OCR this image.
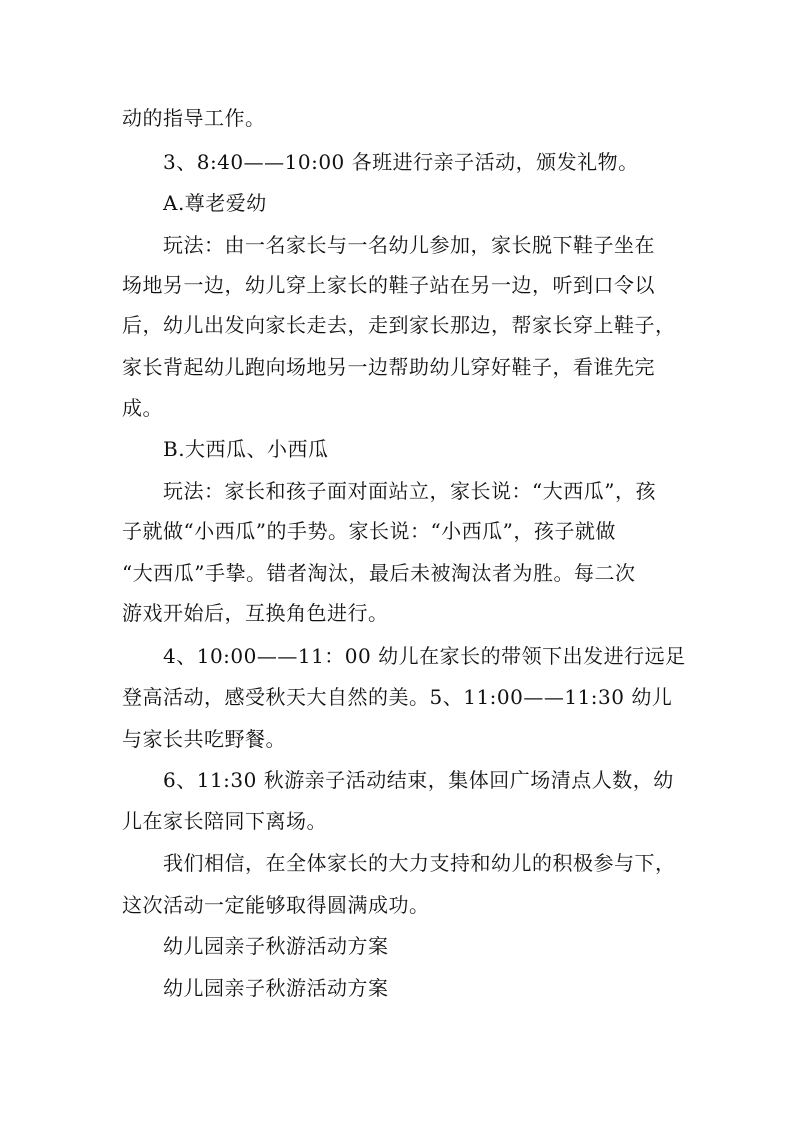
动的指导工作。
3、8:40——10:00 各班进行亲子活动，颁发礼物。
A.尊老爱幼
玩法：由一名家长与一名幼儿参加，家长脱下鞋子坐在
场地另一边，幼儿穿上家长的鞋子站在另一边，听到口令以
后，幼儿出发向家长走去，走到家长那边，帮家长穿上鞋子，
家长背起幼儿跑向场地另一边帮助幼儿穿好鞋子，看谁先完
成。
B.大西瓜、小西瓜
玩法：家长和孩子面对面站立，家长说：“大西瓜”，孩
子就做“小西瓜”的手势。家长说：“小西瓜”，孩子就做
“大西瓜”手挚。错者淘汰，最后未被淘汰者为胜。每二次
游戏开始后，互换角色进行。
4、10:00——11：00 幼儿在家长的带领下出发进行远足
登高活动，感受秋天大自然的美。5、11:00——11:30 幼儿
与家长共吃野餐。
6、11:30 秋游亲子活动结束，集体回广场清点人数，幼
儿在家长陪同下离场。
我们相信，在全体家长的大力支持和幼儿的积极参与下，
这次活动一定能够取得圆满成功。
幼儿园亲子秋游活动方案
幼儿园亲子秋游活动方案
